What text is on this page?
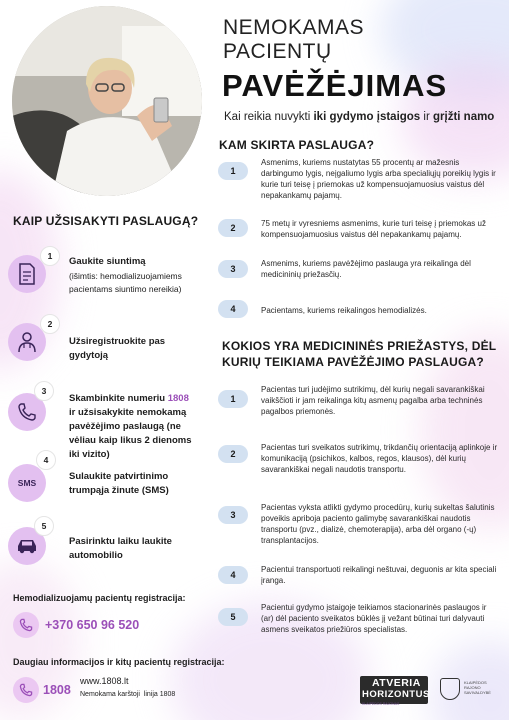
NEMOKAMAS
PACIENTŲ
PAVĖŽĖJIMAS
Kai reikia nuvykti iki gydymo įstaigos ir grįžti namo
KAM SKIRTA PASLAUGA?
1
Asmenims, kuriems nustatytas 55 procentų ar mažesnis darbingumo lygis, neįgaliumo lygis arba specialiųjų poreikių lygis ir kurie turi teisę į priemokas už kompensuojamuosius vaistus dėl nepakankamų pajamų.
2	75 metų ir vyresniems asmenims, kurie turi teisę į priemokas už kompensuojamuosius vaistus dėl nepakankamų pajamų.
3
Asmenims, kuriems pavėžėjimo paslauga yra reikalinga dėl medicininių priežasčių.
4	Pacientams, kuriems reikalingos hemodializės.
KOKIOS YRA MEDICININĖS PRIEŽASTYS, DĖL
KURIŲ TEIKIAMA PAVĖŽĖJIMO PASLAUGA?
1
Pacientas turi judėjimo sutrikimų, dėl kurių negali savarankiškai vaikščioti ir jam reikalinga kitų asmenų pagalba arba techninės pagalbos priemonės.
2
Pacientas turi sveikatos sutrikimų, trikdančių orientaciją aplinkoje ir komunikaciją (psichikos, kalbos, regos, klausos), dėl kurių savarankiškai negali naudotis transportu.
3
Pacientas vyksta atlikti gydymo procedūrų, kurių sukeltas šalutinis poveikis apriboja paciento galimybę savarankiškai naudotis transportu (pvz., dializė, chemoterapija), arba dėl organo (-ų) transplantacijos.
4
Pacientui transportuoti reikalingi neštuvai, deguonis ar kita speciali įranga.
5
Pacientui gydymo įstaigoje teikiamos stacionarinės paslaugos ir (ar) dėl paciento sveikatos būklės jį vežant būtinai turi dalyvauti asmens sveikatos priežiūros specialistas.
KAIP UŽSISAKYTI PASLAUGĄ?
1	Gaukite siuntimą
(išimtis: hemodializuojamiems
pacientams siuntimo nereikia)
2
Užsiregistruokite pas
gydytoją
3
Skambinkite numeriu 1808
ir užsisakykite nemokamą
pavėžėjimo paslaugą (ne
vėliau kaip likus 2 dienoms
iki vizito)
SMS
4
Sulaukite patvirtinimo
trumpąja žinute (SMS)
5
Pasirinktu laiku laukite
automobilio
Hemodializuojamų pacientų registracija:
+370 650 96 520
Daugiau informacijos ir kitų pacientų registracija:
1808
www.1808.lt
Nemokama karštoji  linija 1808
ATVERIA
HORIZONTUS
KLAIPĖDOS RAJONAS
KLAIPĖDOS RAJONO SAVIVALDYBĖ
